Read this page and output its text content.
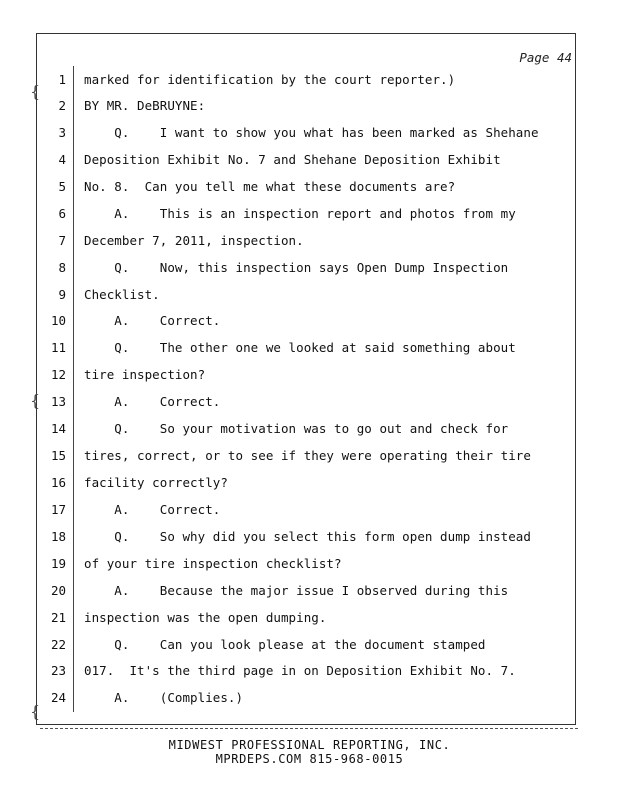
Page 44
{
{
{
1 marked for identification by the court reporter.)
2 BY MR. DeBRUYNE:
3 Q.    I want to show you what has been marked as Shehane
4 Deposition Exhibit No. 7 and Shehane Deposition Exhibit
5 No. 8.  Can you tell me what these documents are?
6 A.    This is an inspection report and photos from my
7 December 7, 2011, inspection.
8 Q.    Now, this inspection says Open Dump Inspection
9 Checklist.
10 A.    Correct.
11 Q.    The other one we looked at said something about
12 tire inspection?
13 A.    Correct.
14 Q.    So your motivation was to go out and check for
15 tires, correct, or to see if they were operating their tire
16 facility correctly?
17 A.    Correct.
18 Q.    So why did you select this form open dump instead
19 of your tire inspection checklist?
20 A.    Because the major issue I observed during this
21 inspection was the open dumping.
22 Q.    Can you look please at the document stamped
23 017.  It's the third page in on Deposition Exhibit No. 7.
24 A.    (Complies.)
MIDWEST PROFESSIONAL REPORTING, INC.
MPRDEPS.COM 815-968-0015
